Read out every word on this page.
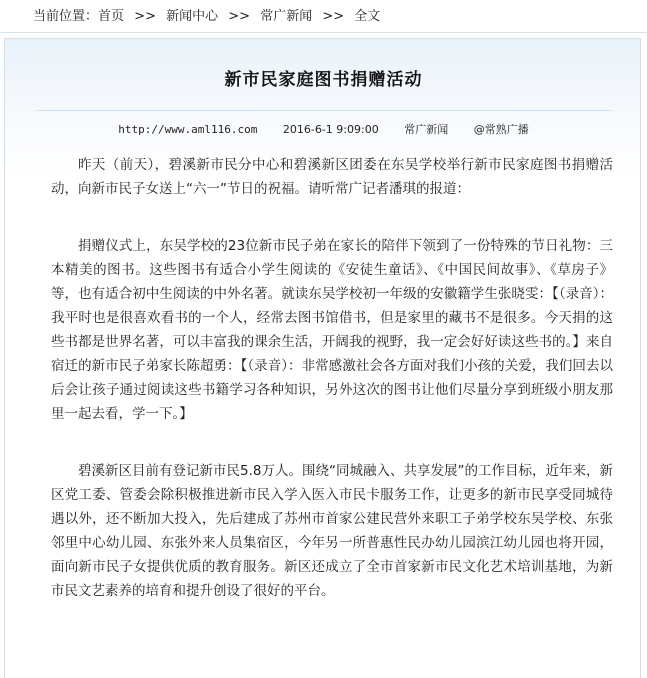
当前位置：首页 >> 新闻中心 >> 常广新闻 >> 全文
新市民家庭图书捐赠活动
http://www.aml116.com 2016-6-1 9:09:00 常广新闻 @常熟广播

昨天（前天），碧溪新市民分中心和碧溪新区团委在东吴学校举行新市民家庭图书捐赠活动，向新市民子女送上“六一”节日的祝福。请听常广记者潘琪的报道：

捐赠仪式上，东吴学校的23位新市民子弟在家长的陪伴下领到了一份特殊的节日礼物：三本精美的图书。这些图书有适合小学生阅读的《安徒生童话》、《中国民间故事》、《草房子》等，也有适合初中生阅读的中外名著。就读东吴学校初一年级的安徽籍学生张晓雯：【（录音）：我平时也是很喜欢看书的一个人，经常去图书馆借书，但是家里的藏书不是很多。今天捐的这些书都是世界名著，可以丰富我的课余生活，开阔我的视野，我一定会好好读这些书的。】来自宿迁的新市民子弟家长陈超勇：【（录音）：非常感激社会各方面对我们小孩的关爱，我们回去以后会让孩子通过阅读这些书籍学习各种知识，另外这次的图书让他们尽量分享到班级小朋友那里一起去看，学一下。】

碧溪新区目前有登记新市民5.8万人。围绕“同城融入、共享发展”的工作目标，近年来，新区党工委、管委会除积极推进新市民入学入医入市民卡服务工作，让更多的新市民享受同城待遇以外，还不断加大投入，先后建成了苏州市首家公建民营外来职工子弟学校东吴学校、东张邻里中心幼儿园、东张外来人员集宿区，今年另一所普惠性民办幼儿园滨江幼儿园也将开园，面向新市民子女提供优质的教育服务。新区还成立了全市首家新市民文化艺术培训基地，为新市民文艺素养的培育和提升创设了很好的平台。
